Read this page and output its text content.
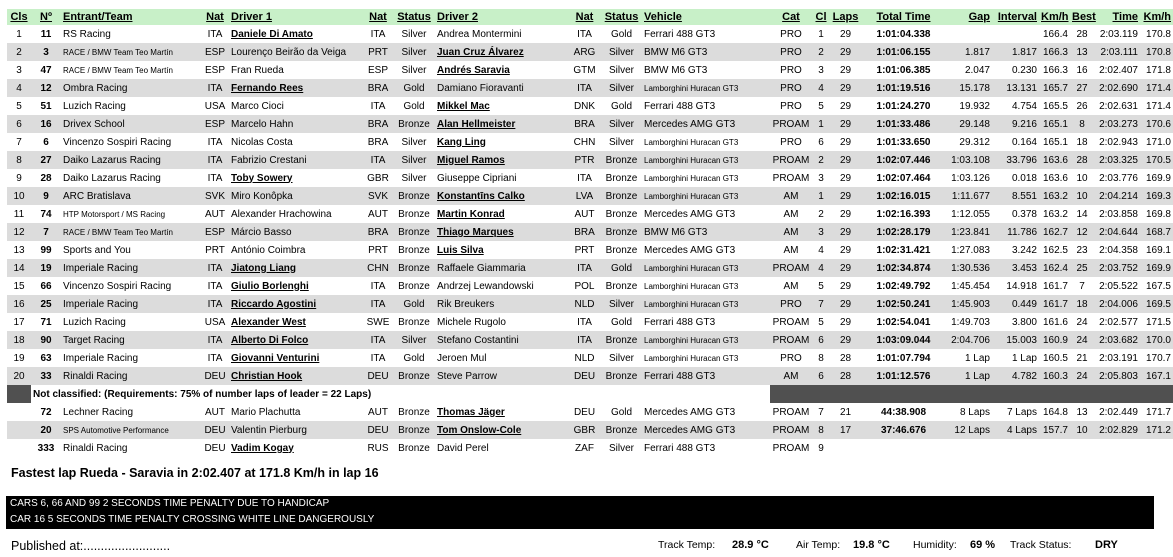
Cls	Nº	Entrant/Team	Nat	Driver 1	Nat	Status	Driver 2	Nat	Status	Vehicle	Cat	Cl	Laps	Total Time	Gap	Interval	Km/h	Best	Time	Km/h
1	11	RS Racing	ITA	Daniele Di Amato	ITA	Silver	Andrea Montermini	ITA	Gold	Ferrari 488 GT3	PRO	1	29	1:01:04.338			166.4	28	2:03.119	170.8
2	3	RACE / BMW Team Teo Martín	ESP	Lourenço Beirão da Veiga	PRT	Silver	Juan Cruz Álvarez	ARG	Silver	BMW M6 GT3	PRO	2	29	1:01:06.155	1.817	1.817	166.3	13	2:03.111	170.8
3	47	RACE / BMW Team Teo Martín	ESP	Fran Rueda	ESP	Silver	Andrés Saravia	GTM	Silver	BMW M6 GT3	PRO	3	29	1:01:06.385	2.047	0.230	166.3	16	2:02.407	171.8
4	12	Ombra Racing	ITA	Fernando Rees	BRA	Gold	Damiano Fioravanti	ITA	Silver	Lamborghini Huracan GT3	PRO	4	29	1:01:19.516	15.178	13.131	165.7	27	2:02.690	171.4
5	51	Luzich Racing	USA	Marco Cioci	ITA	Gold	Mikkel Mac	DNK	Gold	Ferrari 488 GT3	PRO	5	29	1:01:24.270	19.932	4.754	165.5	26	2:02.631	171.4
6	16	Drivex School	ESP	Marcelo Hahn	BRA	Bronze	Alan Hellmeister	BRA	Silver	Mercedes AMG GT3	PROAM	1	29	1:01:33.486	29.148	9.216	165.1	8	2:03.273	170.6
7	6	Vincenzo Sospiri Racing	ITA	Nicolas Costa	BRA	Silver	Kang Ling	CHN	Silver	Lamborghini Huracan GT3	PRO	6	29	1:01:33.650	29.312	0.164	165.1	18	2:02.943	171.0
8	27	Daiko Lazarus Racing	ITA	Fabrizio Crestani	ITA	Silver	Miguel Ramos	PTR	Bronze	Lamborghini Huracan GT3	PROAM	2	29	1:02:07.446	1:03.108	33.796	163.6	28	2:03.325	170.5
9	28	Daiko Lazarus Racing	ITA	Toby Sowery	GBR	Silver	Giuseppe Cipriani	ITA	Bronze	Lamborghini Huracan GT3	PROAM	3	29	1:02:07.464	1:03.126	0.018	163.6	10	2:03.776	169.9
10	9	ARC Bratislava	SVK	Miro Konôpka	SVK	Bronze	Konstantīns Calko	LVA	Bronze	Lamborghini Huracan GT3	AM	1	29	1:02:16.015	1:11.677	8.551	163.2	10	2:04.214	169.3
11	74	HTP Motorsport / MS Racing	AUT	Alexander Hrachowina	AUT	Bronze	Martin Konrad	AUT	Bronze	Mercedes AMG GT3	AM	2	29	1:02:16.393	1:12.055	0.378	163.2	14	2:03.858	169.8
12	7	RACE / BMW Team Teo Martín	ESP	Márcio Basso	BRA	Bronze	Thiago Marques	BRA	Bronze	BMW M6 GT3	AM	3	29	1:02:28.179	1:23.841	11.786	162.7	12	2:04.644	168.7
13	99	Sports and You	PRT	António Coimbra	PRT	Bronze	Luis Silva	PRT	Bronze	Mercedes AMG GT3	AM	4	29	1:02:31.421	1:27.083	3.242	162.5	23	2:04.358	169.1
14	19	Imperiale Racing	ITA	Jiatong Liang	CHN	Bronze	Raffaele Giammaria	ITA	Gold	Lamborghini Huracan GT3	PROAM	4	29	1:02:34.874	1:30.536	3.453	162.4	25	2:03.752	169.9
15	66	Vincenzo Sospiri Racing	ITA	Giulio Borlenghi	ITA	Bronze	Andrzej Lewandowski	POL	Bronze	Lamborghini Huracan GT3	AM	5	29	1:02:49.792	1:45.454	14.918	161.7	7	2:05.522	167.5
16	25	Imperiale Racing	ITA	Riccardo Agostini	ITA	Gold	Rik Breukers	NLD	Silver	Lamborghini Huracan GT3	PRO	7	29	1:02:50.241	1:45.903	0.449	161.7	18	2:04.006	169.5
17	71	Luzich Racing	USA	Alexander West	SWE	Bronze	Michele Rugolo	ITA	Gold	Ferrari 488 GT3	PROAM	5	29	1:02:54.041	1:49.703	3.800	161.6	24	2:02.577	171.5
18	90	Target Racing	ITA	Alberto Di Folco	ITA	Silver	Stefano Costantini	ITA	Bronze	Lamborghini Huracan GT3	PROAM	6	29	1:03:09.044	2:04.706	15.003	160.9	24	2:03.682	170.0
19	63	Imperiale Racing	ITA	Giovanni Venturini	ITA	Gold	Jeroen Mul	NLD	Silver	Lamborghini Huracan GT3	PRO	8	28	1:01:07.794	1 Lap	1 Lap	160.5	21	2:03.191	170.7
20	33	Rinaldi Racing	DEU	Christian Hook	DEU	Bronze	Steve Parrow	DEU	Bronze	Ferrari 488 GT3	AM	6	28	1:01:12.576	1 Lap	4.782	160.3	24	2:05.803	167.1
	Not classified: (Requirements: 75% of number laps of leader = 22 Laps)																			
	72	Lechner Racing	AUT	Mario Plachutta	AUT	Bronze	Thomas Jäger	DEU	Gold	Mercedes AMG GT3	PROAM	7	21	44:38.908	8 Laps	7 Laps	164.8	13	2:02.449	171.7
	20	SPS Automotive Performance	DEU	Valentin Pierburg	DEU	Bronze	Tom Onslow-Cole	GBR	Bronze	Mercedes AMG GT3	PROAM	8	17	37:46.676	12 Laps	4 Laps	157.7	10	2:02.829	171.2
	333	Rinaldi Racing	DEU	Vadim Kogay	RUS	Bronze	David Perel	ZAF	Silver	Ferrari 488 GT3	PROAM	9								
Fastest lap Rueda - Saravia in 2:02.407 at 171.8 Km/h in lap 16
CARS 6, 66 AND 99 2 SECONDS TIME PENALTY DUE TO HANDICAP
CAR 16 5 SECONDS TIME PENALTY CROSSING WHITE LINE DANGEROUSLY
Published at:.........................	Track Temp: 28.9 °C	Air Temp: 19.8 °C Humidity: 69 % Track Status: DRY
